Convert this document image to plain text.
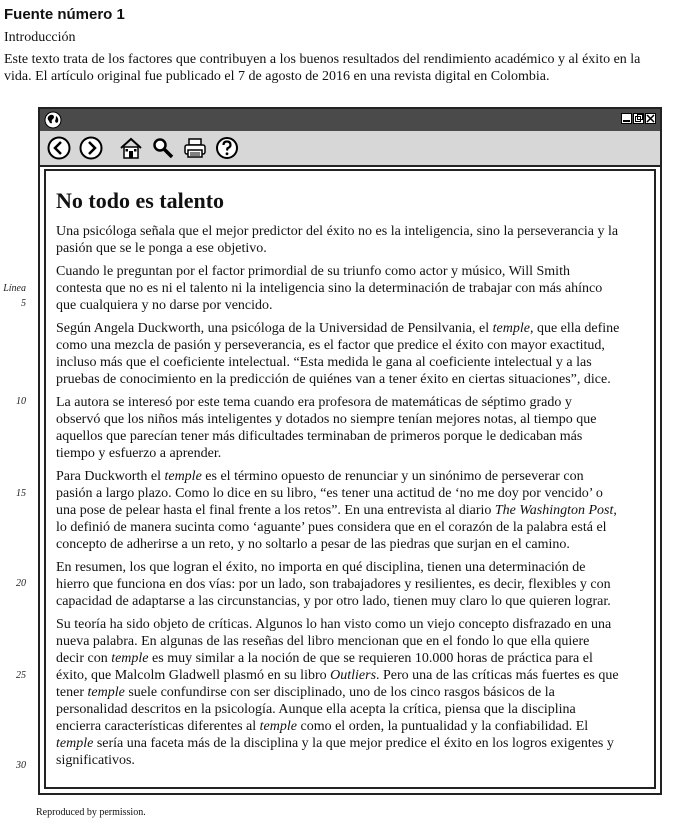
Fuente número 1
Introducción
Este texto trata de los factores que contribuyen a los buenos resultados del rendimiento académico y al éxito en la
vida. El artículo original fue publicado el 7 de agosto de 2016 en una revista digital en Colombia.
Línea
5
10
15
20
25
30
No todo es talento
Una psicóloga señala que el mejor predictor del éxito no es la inteligencia, sino la perseverancia y la
pasión que se le ponga a ese objetivo.
Cuando le preguntan por el factor primordial de su triunfo como actor y músico, Will Smith
contesta que no es ni el talento ni la inteligencia sino la determinación de trabajar con más ahínco
que cualquiera y no darse por vencido.
Según Angela Duckworth, una psicóloga de la Universidad de Pensilvania, el temple, que ella define
como una mezcla de pasión y perseverancia, es el factor que predice el éxito con mayor exactitud,
incluso más que el coeficiente intelectual. “Esta medida le gana al coeficiente intelectual y a las
pruebas de conocimiento en la predicción de quiénes van a tener éxito en ciertas situaciones”, dice.
La autora se interesó por este tema cuando era profesora de matemáticas de séptimo grado y
observó que los niños más inteligentes y dotados no siempre tenían mejores notas, al tiempo que
aquellos que parecían tener más dificultades terminaban de primeros porque le dedicaban más
tiempo y esfuerzo a aprender.
Para Duckworth el temple es el término opuesto de renunciar y un sinónimo de perseverar con
pasión a largo plazo. Como lo dice en su libro, “es tener una actitud de ‘no me doy por vencido’ o
una pose de pelear hasta el final frente a los retos”. En una entrevista al diario The Washington Post,
lo definió de manera sucinta como ‘aguante’ pues considera que en el corazón de la palabra está el
concepto de adherirse a un reto, y no soltarlo a pesar de las piedras que surjan en el camino.
En resumen, los que logran el éxito, no importa en qué disciplina, tienen una determinación de
hierro que funciona en dos vías: por un lado, son trabajadores y resilientes, es decir, flexibles y con
capacidad de adaptarse a las circunstancias, y por otro lado, tienen muy claro lo que quieren lograr.
Su teoría ha sido objeto de críticas. Algunos lo han visto como un viejo concepto disfrazado en una
nueva palabra. En algunas de las reseñas del libro mencionan que en el fondo lo que ella quiere
decir con temple es muy similar a la noción de que se requieren 10.000 horas de práctica para el
éxito, que Malcolm Gladwell plasmó en su libro Outliers. Pero una de las críticas más fuertes es que
tener temple suele confundirse con ser disciplinado, uno de los cinco rasgos básicos de la
personalidad descritos en la psicología. Aunque ella acepta la crítica, piensa que la disciplina
encierra características diferentes al temple como el orden, la puntualidad y la confiabilidad. El
temple sería una faceta más de la disciplina y la que mejor predice el éxito en los logros exigentes y
significativos.
Reproduced by permission.
